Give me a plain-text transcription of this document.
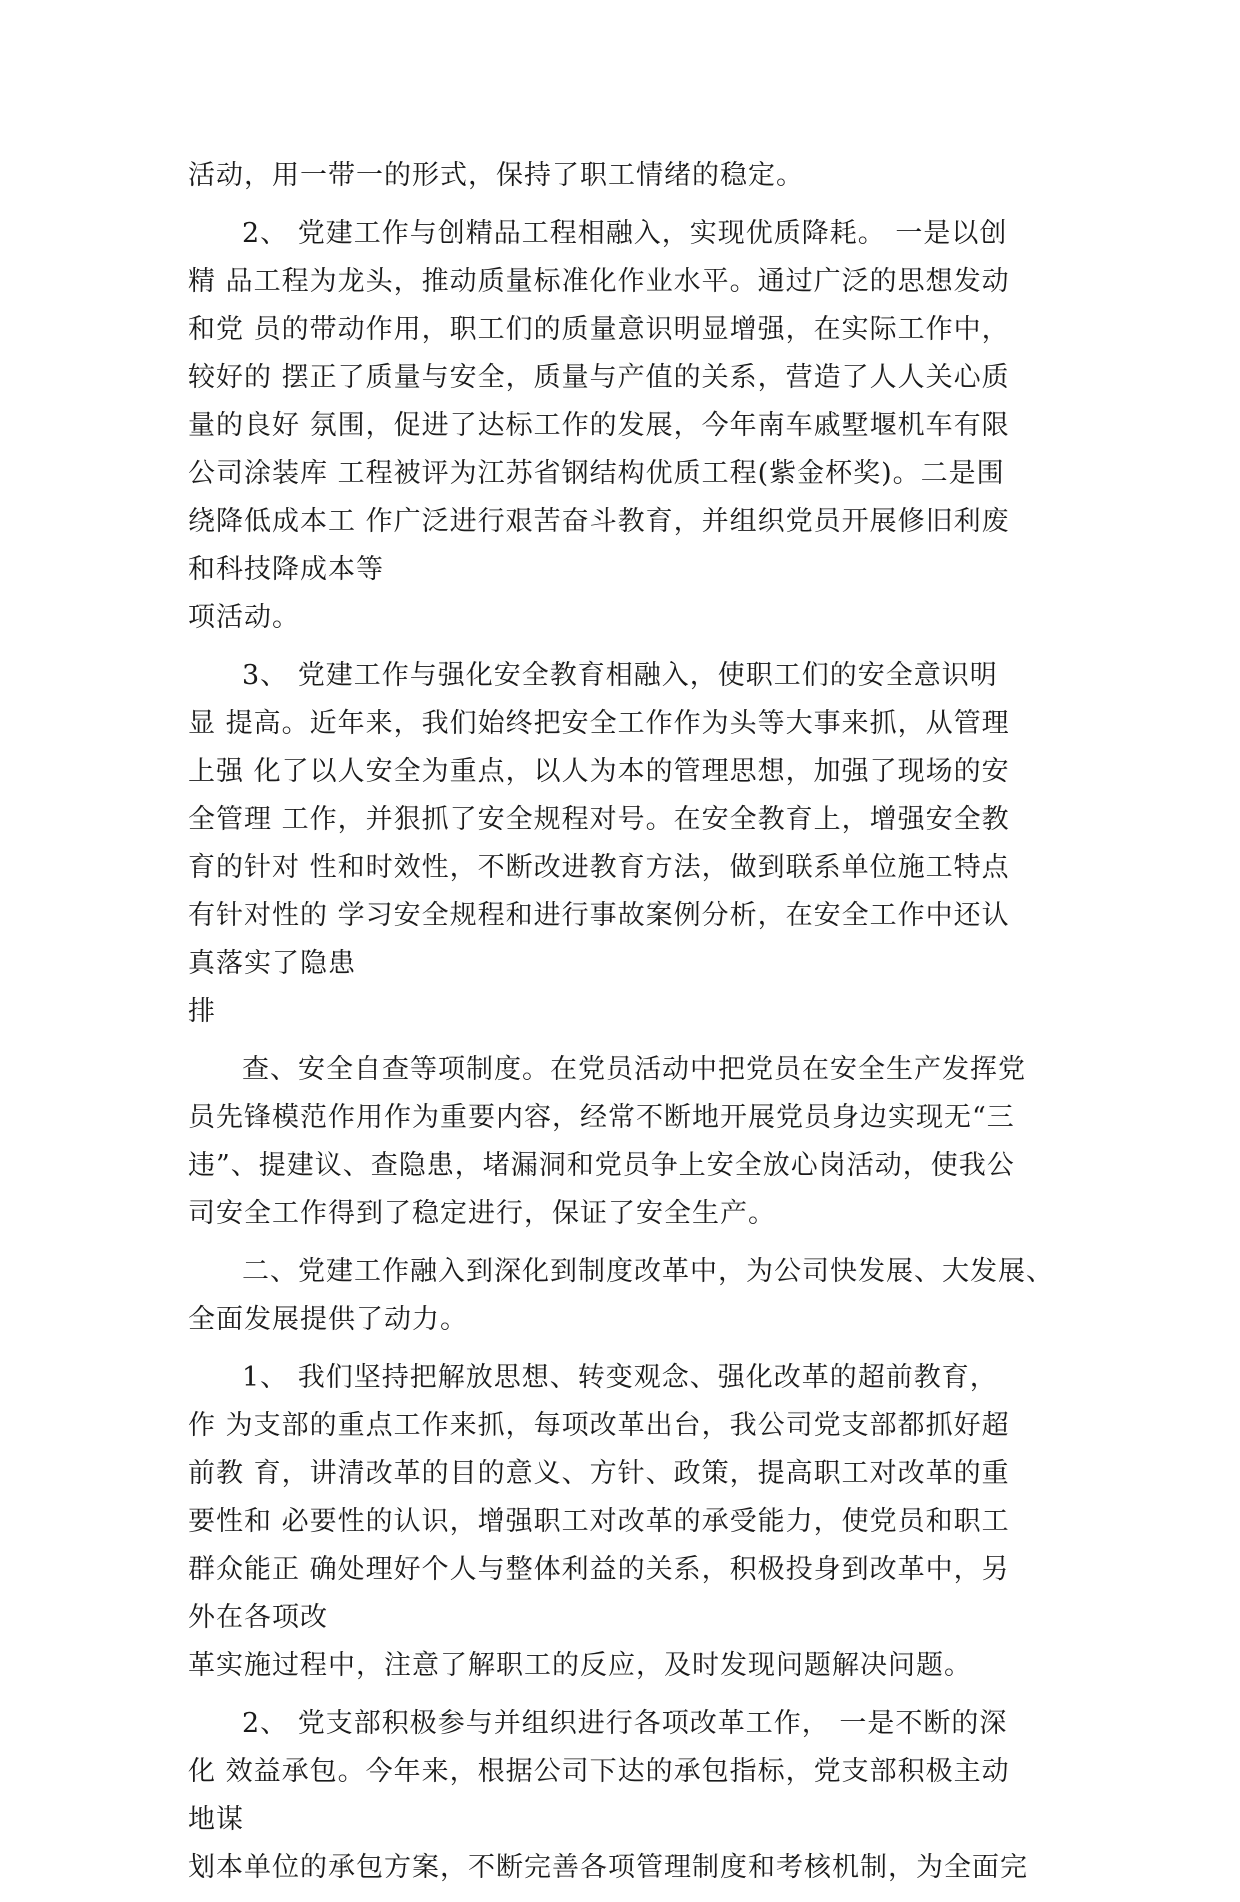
活动，用一带一的形式，保持了职工情绪的稳定。
2、 党建工作与创精品工程相融入，实现优质降耗。 一是以创
精 品工程为龙头，推动质量标准化作业水平。通过广泛的思想发动
和党 员的带动作用，职工们的质量意识明显增强，在实际工作中，
较好的 摆正了质量与安全，质量与产值的关系，营造了人人关心质
量的良好 氛围，促进了达标工作的发展，今年南车戚墅堰机车有限
公司涂装库 工程被评为江苏省钢结构优质工程(紫金杯奖)。二是围
绕降低成本工 作广泛进行艰苦奋斗教育，并组织党员开展修旧利废
和科技降成本等
项活动。
3、 党建工作与强化安全教育相融入，使职工们的安全意识明
显 提高。近年来，我们始终把安全工作作为头等大事来抓，从管理
上强 化了以人安全为重点，以人为本的管理思想，加强了现场的安
全管理 工作，并狠抓了安全规程对号。在安全教育上，增强安全教
育的针对 性和时效性，不断改进教育方法，做到联系单位施工特点
有针对性的 学习安全规程和进行事故案例分析，在安全工作中还认
真落实了隐患
排
查、安全自查等项制度。在党员活动中把党员在安全生产发挥党
员先锋模范作用作为重要内容，经常不断地开展党员身边实现无“三
违”、提建议、查隐患，堵漏洞和党员争上安全放心岗活动，使我公
司安全工作得到了稳定进行，保证了安全生产。
二、党建工作融入到深化到制度改革中，为公司快发展、大发展、
全面发展提供了动力。
1、 我们坚持把解放思想、转变观念、强化改革的超前教育，
作 为支部的重点工作来抓，每项改革出台，我公司党支部都抓好超
前教 育，讲清改革的目的意义、方针、政策，提高职工对改革的重
要性和 必要性的认识，增强职工对改革的承受能力，使党员和职工
群众能正 确处理好个人与整体利益的关系，积极投身到改革中，另
外在各项改
革实施过程中，注意了解职工的反应，及时发现问题解决问题。
2、 党支部积极参与并组织进行各项改革工作， 一是不断的深
化 效益承包。今年来，根据公司下达的承包指标，党支部积极主动
地谋
划本单位的承包方案，不断完善各项管理制度和考核机制，为全面完
